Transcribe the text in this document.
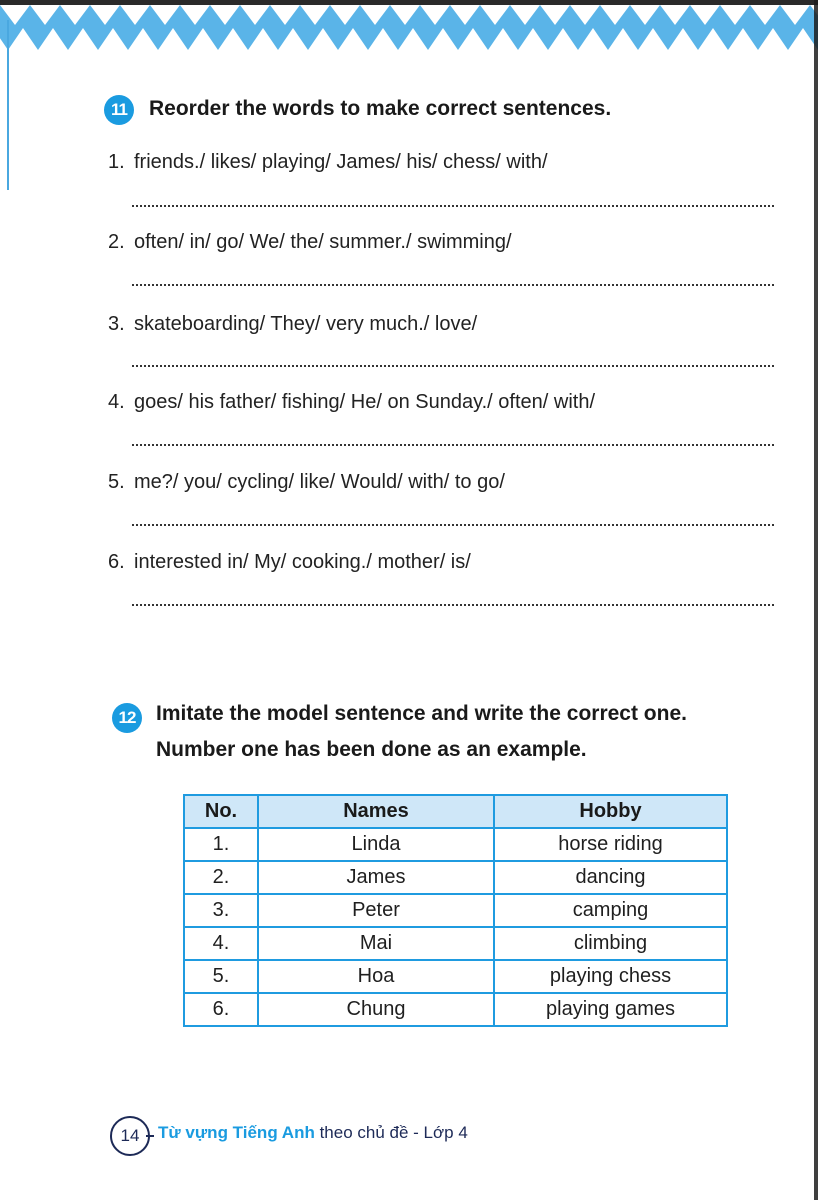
11 Reorder the words to make correct sentences.
1. friends./ likes/ playing/ James/ his/ chess/ with/
2. often/ in/ go/ We/ the/ summer./ swimming/
3. skateboarding/ They/ very much./ love/
4. goes/ his father/ fishing/ He/ on Sunday./ often/ with/
5. me?/ you/ cycling/ like/ Would/ with/ to go/
6. interested in/ My/ cooking./ mother/ is/
12 Imitate the model sentence and write the correct one.
Number one has been done as an example.
No.	Names	Hobby
1.	Linda	horse riding
2.	James	dancing
3.	Peter	camping
4.	Mai	climbing
5.	Hoa	playing chess
6.	Chung	playing games
14 Từ vựng Tiếng Anh theo chủ đề - Lớp 4
